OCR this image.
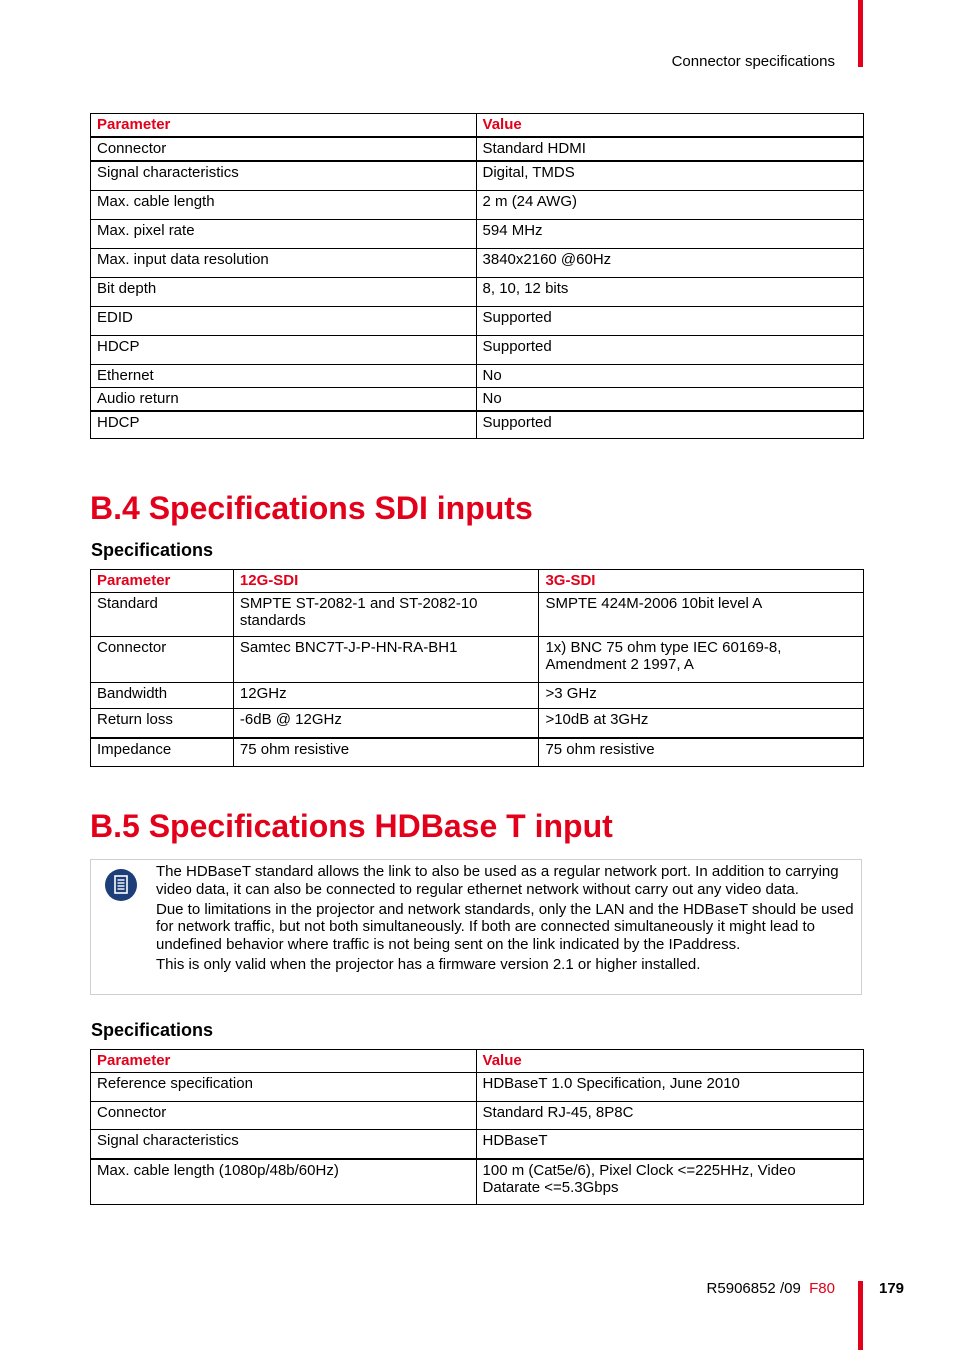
Connector specifications
Parameter	Value
Connector	Standard HDMI
Signal characteristics	Digital, TMDS
Max. cable length	2 m (24 AWG)
Max. pixel rate	594 MHz
Max. input data resolution	3840x2160 @60Hz
Bit depth	8, 10, 12 bits
EDID	Supported
HDCP	Supported
Ethernet	No
Audio return	No
HDCP	Supported
B.4 Specifications SDI inputs
Specifications
Parameter	12G-SDI	3G-SDI
Standard	SMPTE ST-2082-1 and ST-2082-10 standards	SMPTE 424M-2006 10bit level A
Connector	Samtec BNC7T-J-P-HN-RA-BH1	1x) BNC 75 ohm type IEC 60169-8, Amendment 2 1997, A
Bandwidth	12GHz	>3 GHz
Return loss	-6dB @ 12GHz	>10dB at 3GHz
Impedance	75 ohm resistive	75 ohm resistive
B.5 Specifications HDBase T input

The HDBaseT standard allows the link to also be used as a regular network port. In addition to carrying video data, it can also be connected to regular ethernet network without carry out any video data.

Due to limitations in the projector and network standards, only the LAN and the HDBaseT should be used for network traffic, but not both simultaneously. If both are connected simultaneously it might lead to undefined behavior where traffic is not being sent on the link indicated by the IPaddress.

This is only valid when the projector has a firmware version 2.1 or higher installed.

Specifications
Parameter	Value
Reference specification	HDBaseT 1.0 Specification, June 2010
Connector	Standard RJ-45, 8P8C
Signal characteristics	HDBaseT
Max. cable length (1080p/48b/60Hz)	100 m (Cat5e/6), Pixel Clock <=225HHz, Video Datarate <=5.3Gbps
R5906852 /09 F80	179
